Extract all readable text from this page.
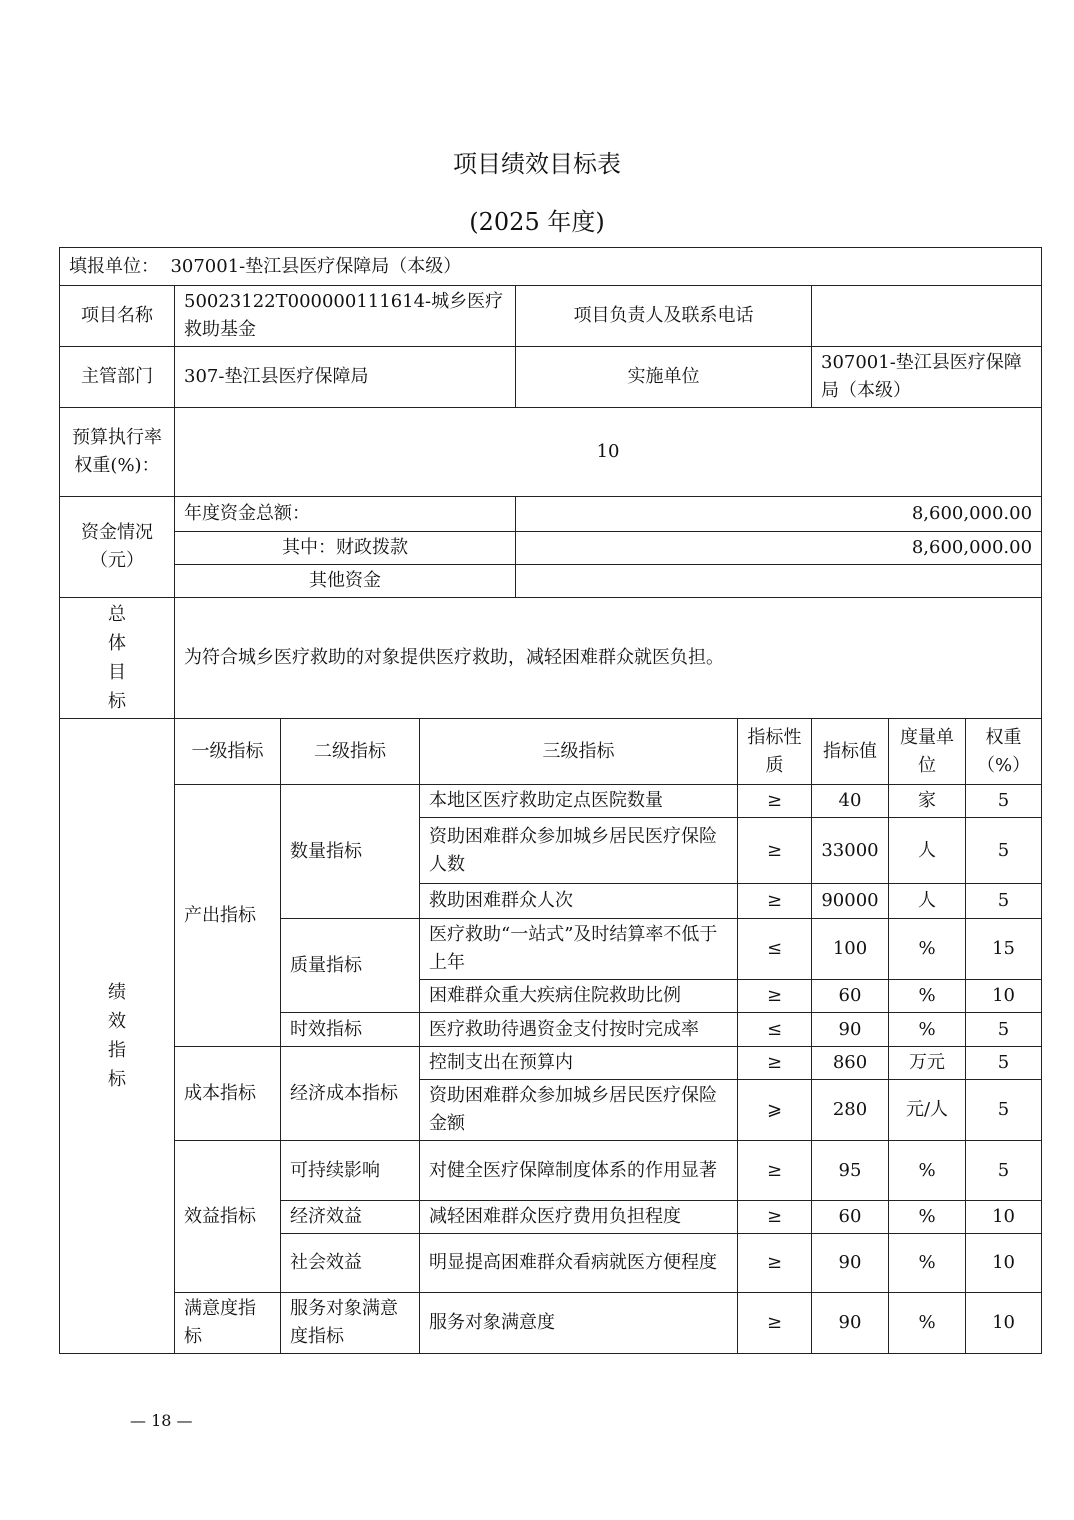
项目绩效目标表
(2025 年度)
填报单位： 307001-垫江县医疗保障局（本级）								
项目名称	50023122T000000111614-城乡医疗救助基金			项目负责人及联系电话				
主管部门	307-垫江县医疗保障局			实施单位		307001-垫江县医疗保障局（本级）		
预算执行率权重(%)：	10							
资金情况（元）	年度资金总额：			8,600,000.00				
	其中：财政拨款			8,600,000.00				
	其他资金							
总体目标	为符合城乡医疗救助的对象提供医疗救助，减轻困难群众就医负担。							
绩效指标	一级指标	二级指标	三级指标		指标性质	指标值	度量单位	权重（%）
	产出指标	数量指标	本地区医疗救助定点医院数量		≥	40	家	5
			资助困难群众参加城乡居民医疗保险人数		≥	33000	人	5
			救助困难群众人次		≥	90000	人	5
		质量指标	医疗救助“一站式”及时结算率不低于上年		≤	100	%	15
			困难群众重大疾病住院救助比例		≥	60	%	10
		时效指标	医疗救助待遇资金支付按时完成率		≤	90	%	5
	成本指标	经济成本指标	控制支出在预算内		≥	860	万元	5
			资助困难群众参加城乡居民医疗保险金额		⩾	280	元/人	5
	效益指标	可持续影响	对健全医疗保障制度体系的作用显著		≥	95	%	5
		经济效益	减轻困难群众医疗费用负担程度		≥	60	%	10
		社会效益	明显提高困难群众看病就医方便程度		≥	90	%	10
	满意度指标	服务对象满意度指标	服务对象满意度		≥	90	%	10
— 18 —
